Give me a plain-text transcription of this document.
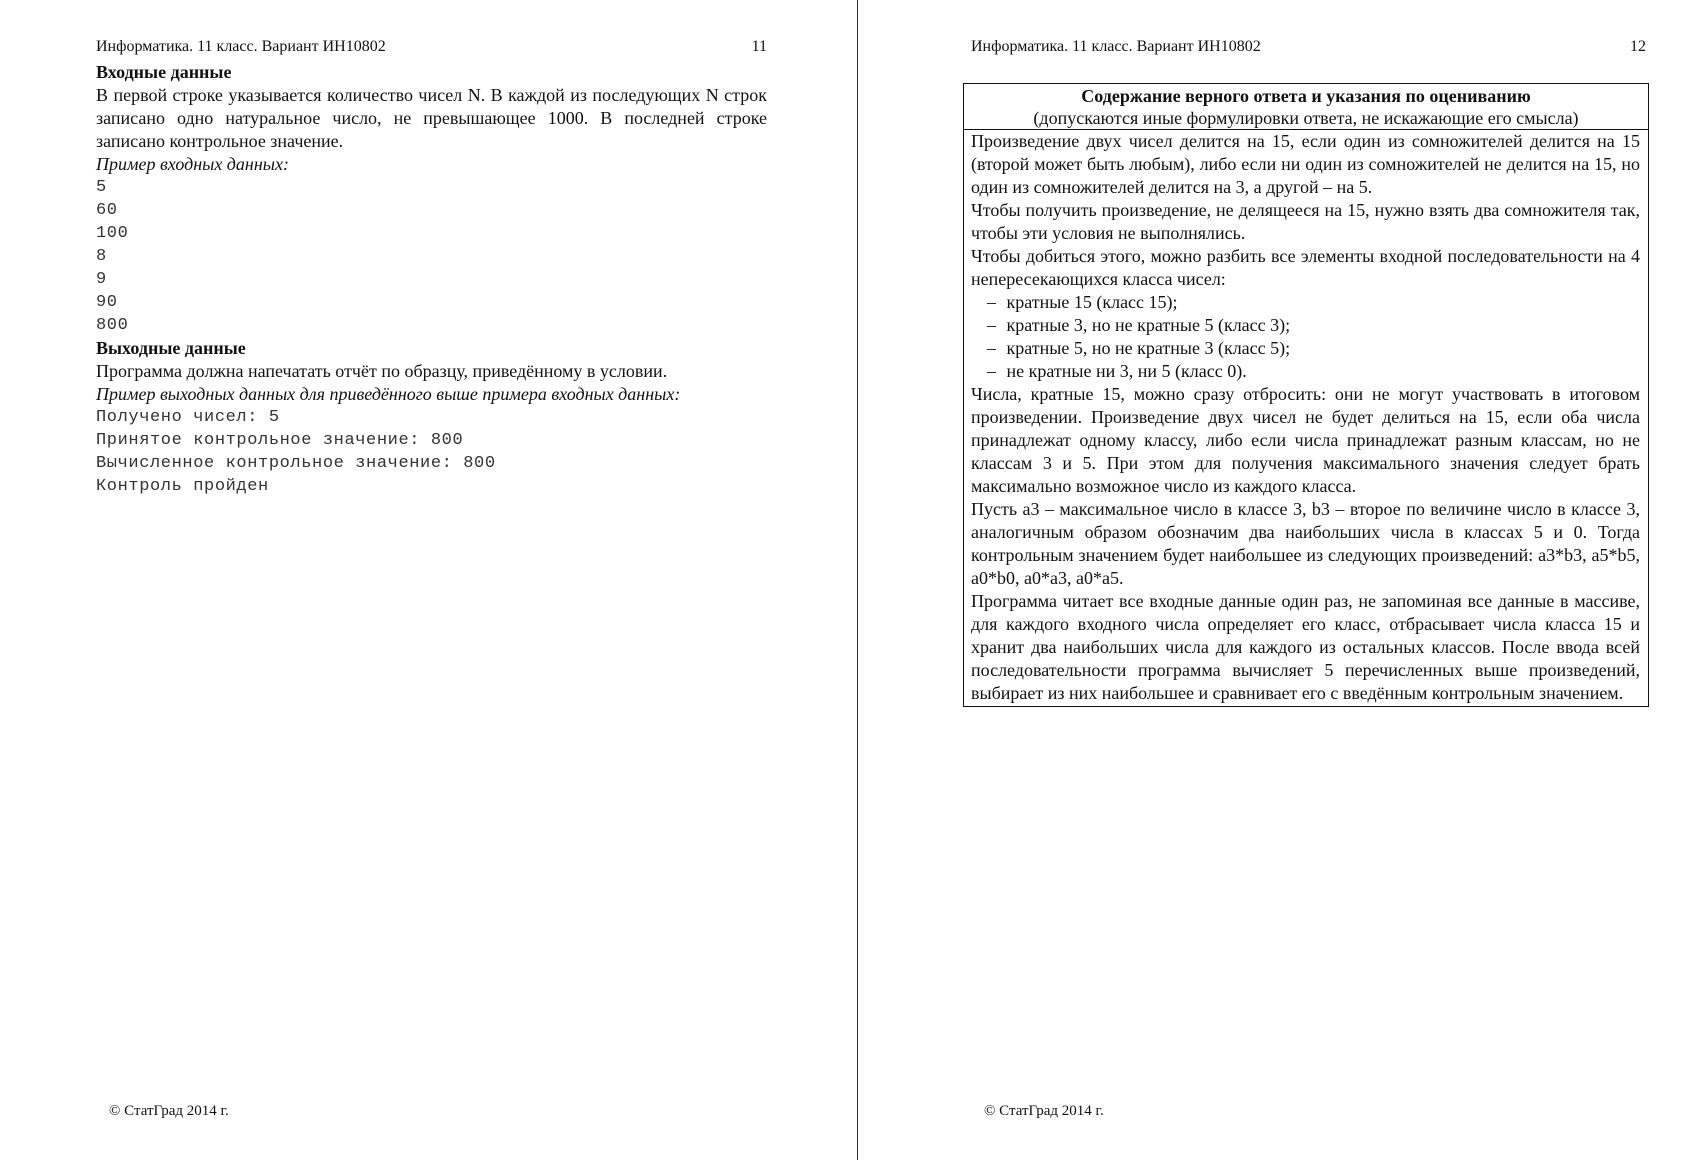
Информатика. 11 класс. Вариант ИН10802	11

Входные данные

В первой строке указывается количество чисел N. В каждой из последующих N строк записано одно натуральное число, не превышающее 1000. В последней строке записано контрольное значение.

Пример входных данных:

5
60
100
8
9
90
800

Выходные данные

Программа должна напечатать отчёт по образцу, приведённому в условии.

Пример выходных данных для приведённого выше примера входных данных:

Получено чисел: 5
Принятое контрольное значение: 800
Вычисленное контрольное значение: 800
Контроль пройден
© СтатГрад 2014 г.
Информатика. 11 класс. Вариант ИН10802	12
Содержание верного ответа и указания по оцениванию
(допускаются иные формулировки ответа, не искажающие его смысла)

Произведение двух чисел делится на 15, если один из сомножителей делится на 15 (второй может быть любым), либо если ни один из сомножителей не делится на 15, но один из сомножителей делится на 3, а другой – на 5.

Чтобы получить произведение, не делящееся на 15, нужно взять два сомножителя так, чтобы эти условия не выполнялись.

Чтобы добиться этого, можно разбить все элементы входной последовательности на 4 непересекающихся класса чисел:

– кратные 15 (класс 15);
– кратные 3, но не кратные 5 (класс 3);
– кратные 5, но не кратные 3 (класс 5);
– не кратные ни 3, ни 5 (класс 0).

Числа, кратные 15, можно сразу отбросить: они не могут участвовать в итоговом произведении. Произведение двух чисел не будет делиться на 15, если оба числа принадлежат одному классу, либо если числа принадлежат разным классам, но не классам 3 и 5. При этом для получения максимального значения следует брать максимально возможное число из каждого класса.

Пусть а3 – максимальное число в классе 3, b3 – второе по величине число в классе 3, аналогичным образом обозначим два наибольших числа в классах 5 и 0. Тогда контрольным значением будет наибольшее из следующих произведений: a3*b3, a5*b5, a0*b0, a0*a3, a0*a5.

Программа читает все входные данные один раз, не запоминая все данные в массиве, для каждого входного числа определяет его класс, отбрасывает числа класса 15 и хранит два наибольших числа для каждого из остальных классов. После ввода всей последовательности программа вычисляет 5 перечисленных выше произведений, выбирает из них наибольшее и сравнивает его с введённым контрольным значением.

© СтатГрад 2014 г.
